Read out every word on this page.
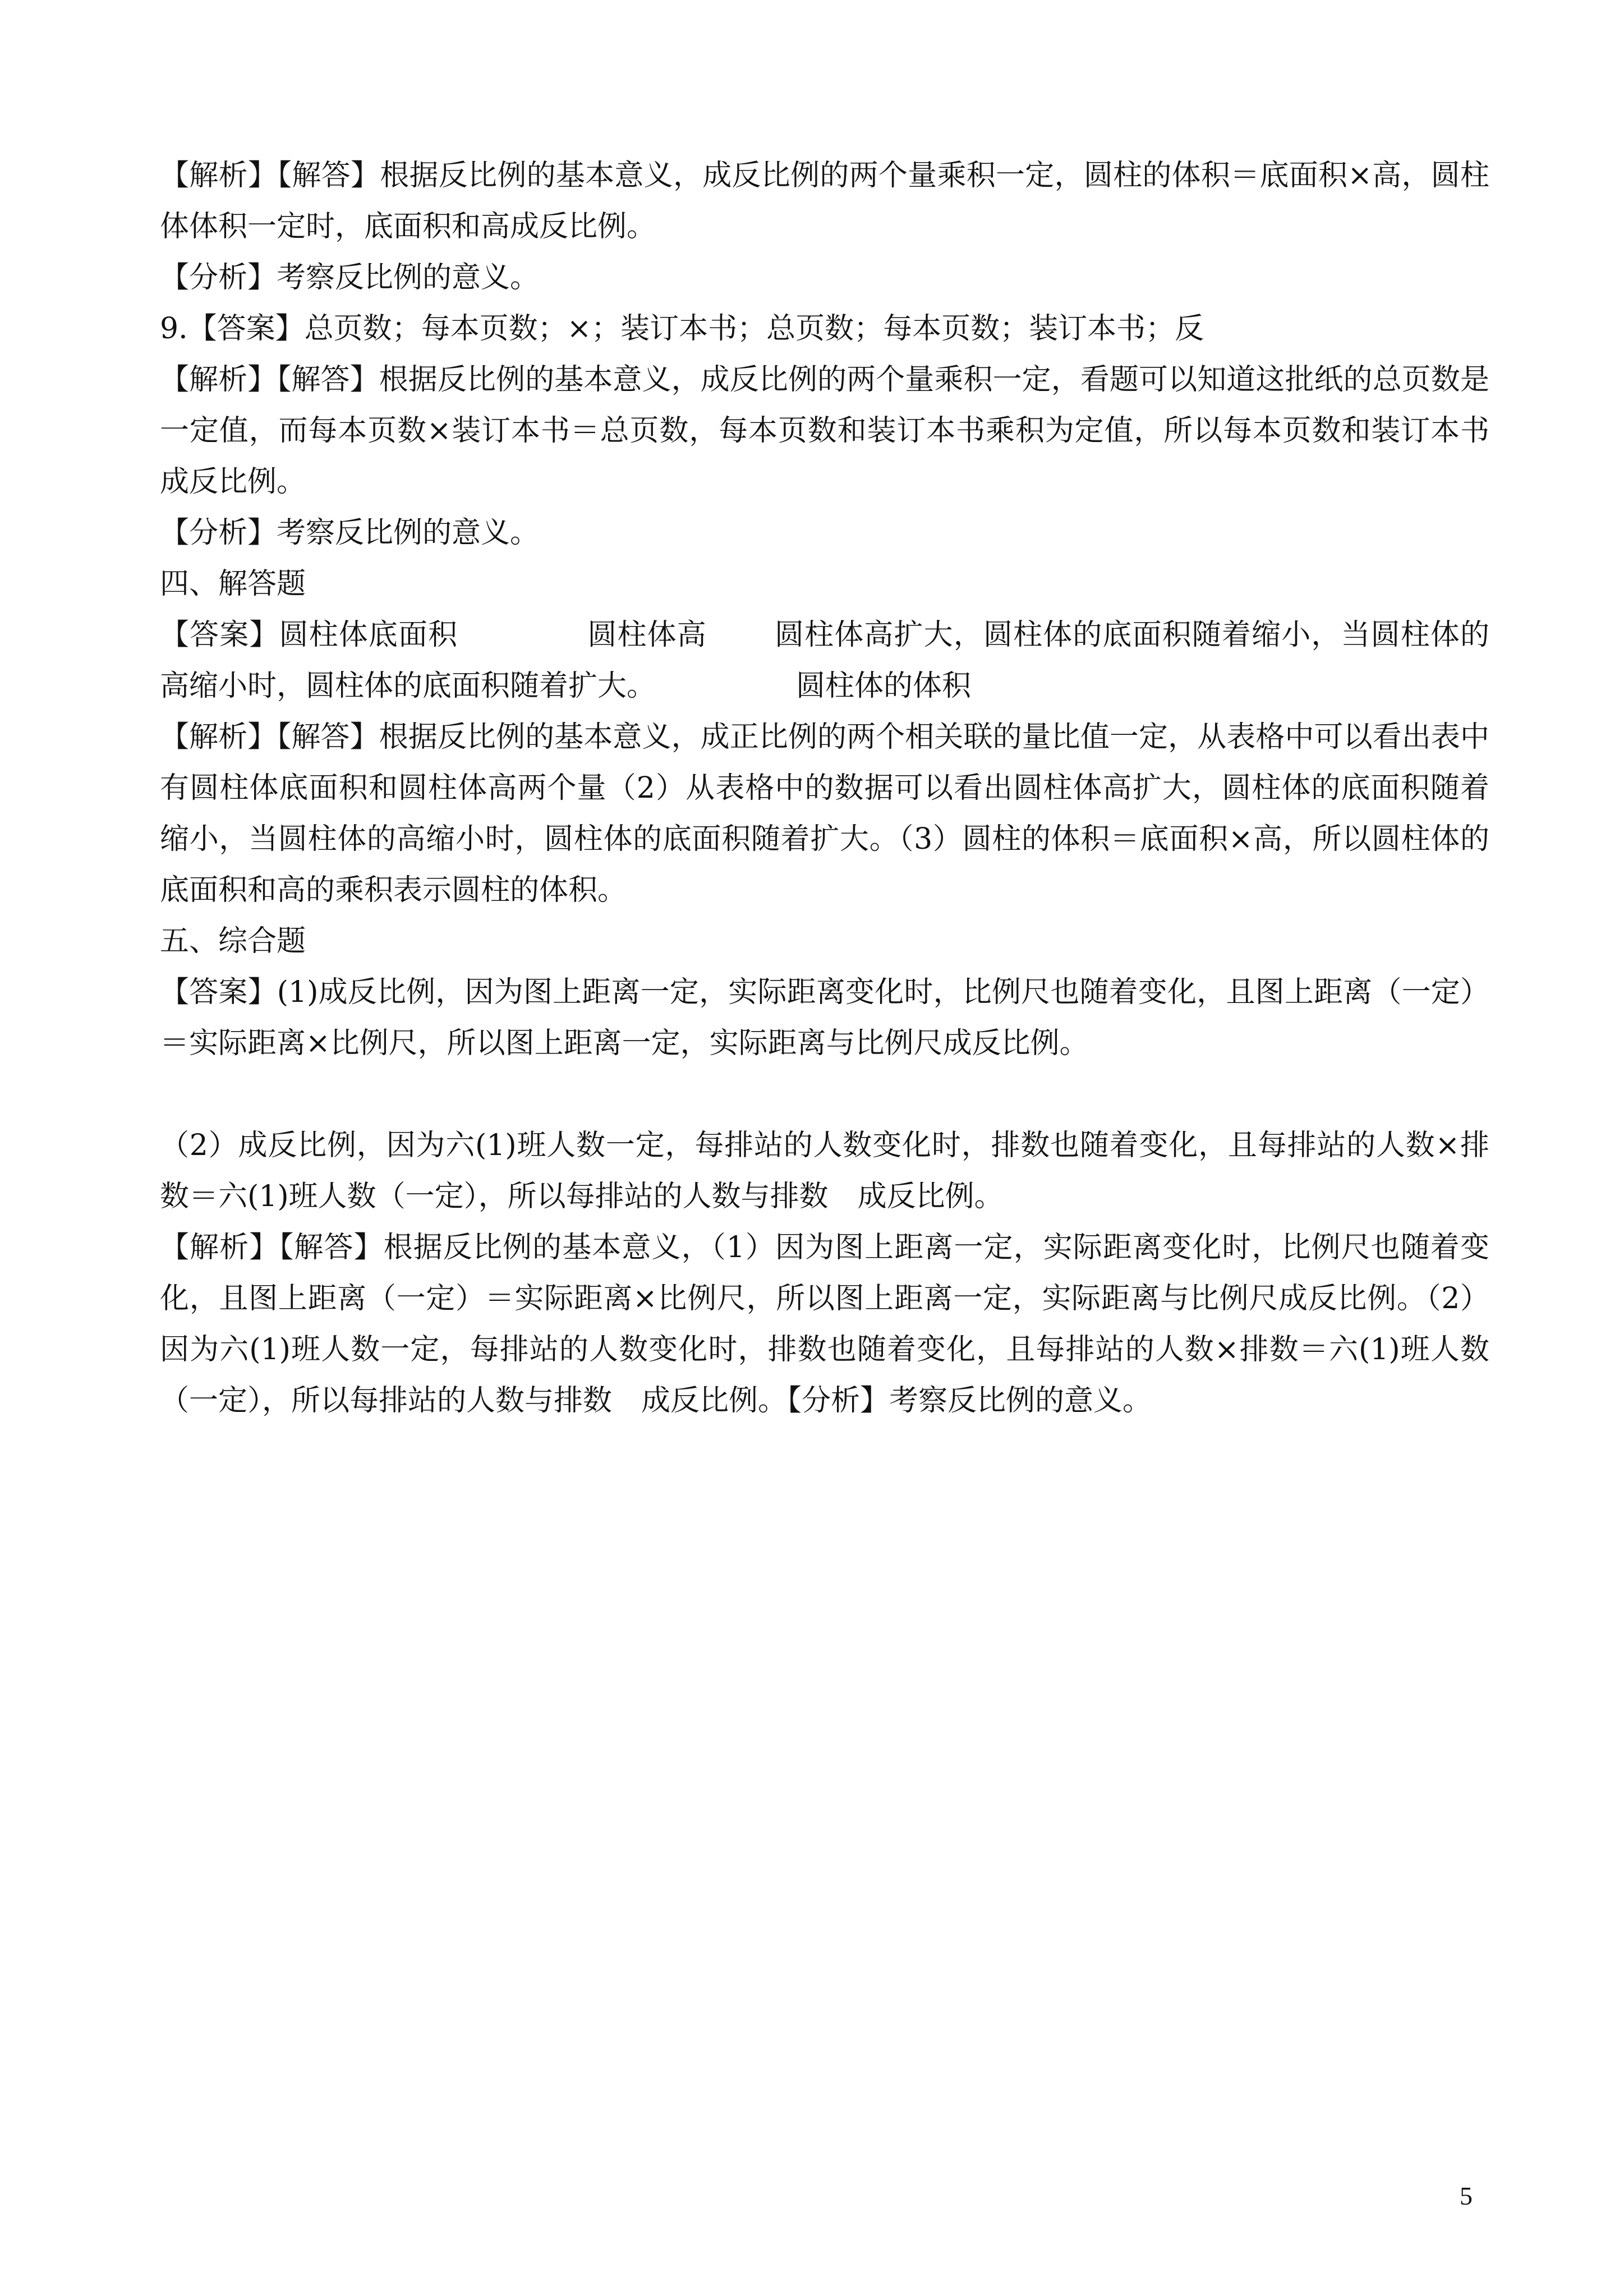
【解析】【解答】根据反比例的基本意义，成反比例的两个量乘积一定，圆柱的体积＝底面积×高，圆柱体体积一定时，底面积和高成反比例。

【分析】考察反比例的意义。

9.【答案】总页数；每本页数；×；装订本书；总页数；每本页数；装订本书；反

【解析】【解答】根据反比例的基本意义，成反比例的两个量乘积一定，看题可以知道这批纸的总页数是一定值，而每本页数×装订本书＝总页数，每本页数和装订本书乘积为定值，所以每本页数和装订本书成反比例。

【分析】考察反比例的意义。

四、解答题

【答案】圆柱体底面积	圆柱体高 圆柱体高扩大，圆柱体的底面积随着缩小，当圆柱体的高缩小时，圆柱体的底面积随着扩大。	圆柱体的体积

【解析】【解答】根据反比例的基本意义，成正比例的两个相关联的量比值一定，从表格中可以看出表中有圆柱体底面积和圆柱体高两个量（2）从表格中的数据可以看出圆柱体高扩大，圆柱体的底面积随着缩小，当圆柱体的高缩小时，圆柱体的底面积随着扩大。（3）圆柱的体积＝底面积×高，所以圆柱体的底面积和高的乘积表示圆柱的体积。

五、综合题

【答案】(1)成反比例，因为图上距离一定，实际距离变化时，比例尺也随着变化，且图上距离（一定）＝实际距离×比例尺，所以图上距离一定，实际距离与比例尺成反比例。

（2）成反比例，因为六(1)班人数一定，每排站的人数变化时，排数也随着变化，且每排站的人数×排数＝六(1)班人数（一定），所以每排站的人数与排数　成反比例。

【解析】【解答】根据反比例的基本意义，（1）因为图上距离一定，实际距离变化时，比例尺也随着变化，且图上距离（一定）＝实际距离×比例尺，所以图上距离一定，实际距离与比例尺成反比例。（2）因为六(1)班人数一定，每排站的人数变化时，排数也随着变化，且每排站的人数×排数＝六(1)班人数（一定），所以每排站的人数与排数　成反比例。【分析】考察反比例的意义。

5
